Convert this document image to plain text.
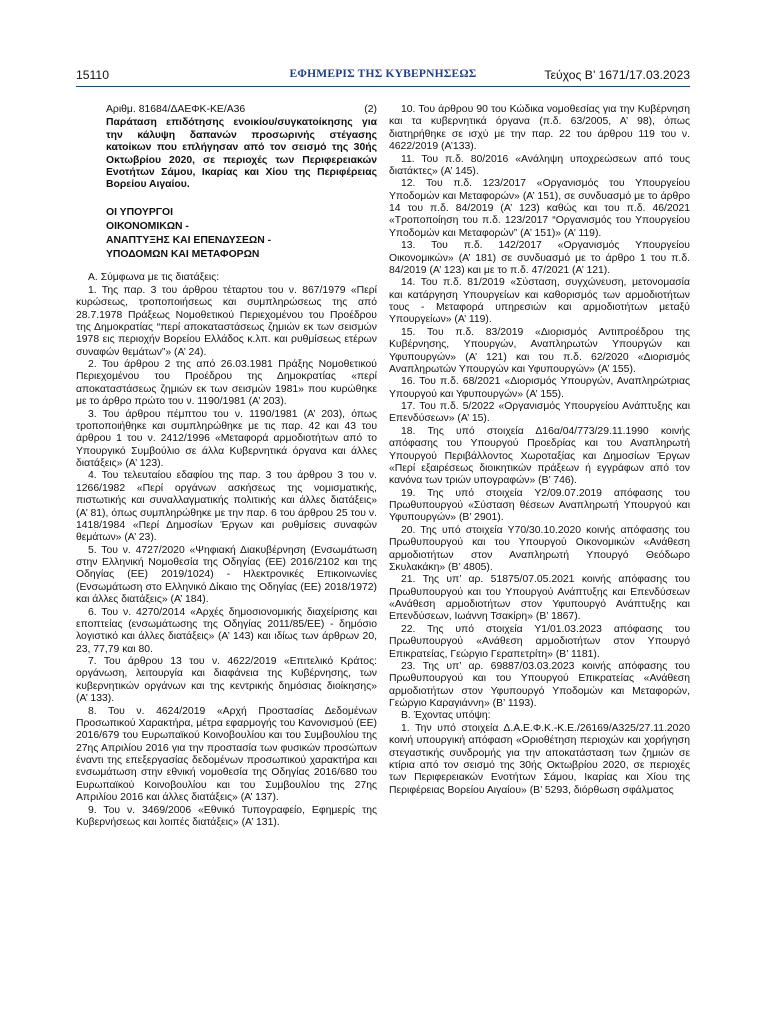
15110	ΕΦΗΜΕΡΙΣ ΤΗΣ ΚΥΒΕΡΝΗΣΕΩΣ	Τεύχος Β’ 1671/17.03.2023
Αριθμ. 81684/ΔΑΕΦΚ-ΚΕ/Α36	(2)
Παράταση επιδότησης ενοικίου/συγκατοίκησης για την κάλυψη δαπανών προσωρινής στέγασης κατοίκων που επλήγησαν από τον σεισμό της 30ής Οκτωβρίου 2020, σε περιοχές των Περιφερειακών Ενοτήτων Σάμου, Ικαρίας και Χίου της Περιφέρειας Βορείου Αιγαίου.
ΟΙ ΥΠΟΥΡΓΟΙ
ΟΙΚΟΝΟΜΙΚΩΝ -
ΑΝΑΠΤΥΞΗΣ ΚΑΙ ΕΠΕΝΔΥΣΕΩΝ -
ΥΠΟΔΟΜΩΝ ΚΑΙ ΜΕΤΑΦΟΡΩΝ

Α. Σύμφωνα με τις διατάξεις:

1. Της παρ. 3 του άρθρου τέταρτου του ν. 867/1979 «Περί κυρώσεως, τροποποιήσεως και συμπληρώσεως της από 28.7.1978 Πράξεως Νομοθετικού Περιεχομένου του Προέδρου της Δημοκρατίας “περί αποκαταστάσεως ζημιών εκ των σεισμών 1978 εις περιοχήν Βορείου Ελλάδος κ.λπ. και ρυθμίσεως ετέρων συναφών θεμάτων”» (Α’ 24).

2. Του άρθρου 2 της από 26.03.1981 Πράξης Νομοθετικού Περιεχομένου του Προέδρου της Δημοκρατίας «περί αποκαταστάσεως ζημιών εκ των σεισμών 1981» που κυρώθηκε με το άρθρο πρώτο του ν. 1190/1981 (Α’ 203).

3. Του άρθρου πέμπτου του ν. 1190/1981 (Α’ 203), όπως τροποποιήθηκε και συμπληρώθηκε με τις παρ. 42 και 43 του άρθρου 1 του ν. 2412/1996 «Μεταφορά αρμοδιοτήτων από το Υπουργικό Συμβούλιο σε άλλα Κυβερνητικά όργανα και άλλες διατάξεις» (Α’ 123).

4. Του τελευταίου εδαφίου της παρ. 3 του άρθρου 3 του ν. 1266/1982 «Περί οργάνων ασκήσεως της νομισματικής, πιστωτικής και συναλλαγματικής πολιτικής και άλλες διατάξεις» (Α’ 81), όπως συμπληρώθηκε με την παρ. 6 του άρθρου 25 του ν. 1418/1984 «Περί Δημοσίων Έργων και ρυθμίσεις συναφών θεμάτων» (Α’ 23).

5. Του ν. 4727/2020 «Ψηφιακή Διακυβέρνηση (Ενσωμάτωση στην Ελληνική Νομοθεσία της Οδηγίας (ΕΕ) 2016/2102 και της Οδηγίας (ΕΕ) 2019/1024) - Ηλεκτρονικές Επικοινωνίες (Ενσωμάτωση στο Ελληνικό Δίκαιο της Οδηγίας (ΕΕ) 2018/1972) και άλλες διατάξεις» (Α’ 184).

6. Του ν. 4270/2014 «Αρχές δημοσιονομικής διαχείρισης και εποπτείας (ενσωμάτωσης της Οδηγίας 2011/85/ΕΕ) - δημόσιο λογιστικό και άλλες διατάξεις» (Α’ 143) και ιδίως των άρθρων 20, 23, 77,79 και 80.

7. Του άρθρου 13 του ν. 4622/2019 «Επιτελικό Κράτος: οργάνωση, λειτουργία και διαφάνεια της Κυβέρνησης, των κυβερνητικών οργάνων και της κεντρικής δημόσιας διοίκησης» (Α’ 133).

8. Του ν. 4624/2019 «Αρχή Προστασίας Δεδομένων Προσωπικού Χαρακτήρα, μέτρα εφαρμογής του Κανονισμού (ΕΕ) 2016/679 του Ευρωπαϊκού Κοινοβουλίου και του Συμβουλίου της 27ης Απριλίου 2016 για την προστασία των φυσικών προσώπων έναντι της επεξεργασίας δεδομένων προσωπικού χαρακτήρα και ενσωμάτωση στην εθνική νομοθεσία της Οδηγίας 2016/680 του Ευρωπαϊκού Κοινοβουλίου και του Συμβουλίου της 27ης Απριλίου 2016 και άλλες διατάξεις» (Α’ 137).

9. Του ν. 3469/2006 «Εθνικό Τυπογραφείο, Εφημερίς της Κυβερνήσεως και λοιπές διατάξεις» (Α’ 131).

10. Του άρθρου 90 του Κώδικα νομοθεσίας για την Κυβέρνηση και τα κυβερνητικά όργανα (π.δ. 63/2005, Α’ 98), όπως διατηρήθηκε σε ισχύ με την παρ. 22 του άρθρου 119 του ν. 4622/2019 (Α’133).

11. Του π.δ. 80/2016 «Ανάληψη υποχρεώσεων από τους διατάκτες» (Α’ 145).

12. Του π.δ. 123/2017 «Οργανισμός του Υπουργείου Υποδομών και Μεταφορών» (Α’ 151), σε συνδυασμό με το άρθρο 14 του π.δ. 84/2019 (Α’ 123) καθώς και του π.δ. 46/2021 «Τροποποίηση του π.δ. 123/2017 “Οργανισμός του Υπουργείου Υποδομών και Μεταφορών” (Α’ 151)» (Α’ 119).

13. Του π.δ. 142/2017 «Οργανισμός Υπουργείου Οικονομικών» (Α’ 181) σε συνδυασμό με το άρθρο 1 του π.δ. 84/2019 (Α’ 123) και με το π.δ. 47/2021 (Α’ 121).

14. Του π.δ. 81/2019 «Σύσταση, συγχώνευση, μετονομασία και κατάργηση Υπουργείων και καθορισμός των αρμοδιοτήτων τους - Μεταφορά υπηρεσιών και αρμοδιοτήτων μεταξύ Υπουργείων» (Α’ 119).

15. Του π.δ. 83/2019 «Διορισμός Αντιπροέδρου της Κυβέρνησης, Υπουργών, Αναπληρωτών Υπουργών και Υφυπουργών» (Α’ 121) και του π.δ. 62/2020 «Διορισμός Αναπληρωτών Υπουργών και Υφυπουργών» (Α’ 155).

16. Του π.δ. 68/2021 «Διορισμός Υπουργών, Αναπληρώτριας Υπουργού και Υφυπουργών» (Α’ 155).

17. Του π.δ. 5/2022 «Οργανισμός Υπουργείου Ανάπτυξης και Επενδύσεων» (Α’ 15).

18. Της υπό στοιχεία Δ16α/04/773/29.11.1990 κοινής απόφασης του Υπουργού Προεδρίας και του Αναπληρωτή Υπουργού Περιβάλλοντος Χωροταξίας και Δημοσίων Έργων «Περί εξαιρέσεως διοικητικών πράξεων ή εγγράφων από τον κανόνα των τριών υπογραφών» (Β’ 746).

19. Της υπό στοιχεία Υ2/09.07.2019 απόφασης του Πρωθυπουργού «Σύσταση θέσεων Αναπληρωτή Υπουργού και Υφυπουργών» (Β’ 2901).

20. Της υπό στοιχεία Υ70/30.10.2020 κοινής απόφασης του Πρωθυπουργού και του Υπουργού Οικονομικών «Ανάθεση αρμοδιοτήτων στον Αναπληρωτή Υπουργό Θεόδωρο Σκυλακάκη» (Β’ 4805).

21. Της υπ’ αρ. 51875/07.05.2021 κοινής απόφασης του Πρωθυπουργού και του Υπουργού Ανάπτυξης και Επενδύσεων «Ανάθεση αρμοδιοτήτων στον Υφυπουργό Ανάπτυξης και Επενδύσεων, Ιωάννη Τσακίρη» (Β’ 1867).

22. Της υπό στοιχεία Υ1/01.03.2023 απόφασης του Πρωθυπουργού «Ανάθεση αρμοδιοτήτων στον Υπουργό Επικρατείας, Γεώργιο Γεραπετρίτη» (Β’ 1181).

23. Της υπ’ αρ. 69887/03.03.2023 κοινής απόφασης του Πρωθυπουργού και του Υπουργού Επικρατείας «Ανάθεση αρμοδιοτήτων στον Υφυπουργό Υποδομών και Μεταφορών, Γεώργιο Καραγιάννη» (Β’ 1193).

Β. Έχοντας υπόψη:

1. Την υπό στοιχεία Δ.Α.Ε.Φ.Κ.-Κ.Ε./26169/Α325/27.11.2020 κοινή υπουργική απόφαση «Οριοθέτηση περιοχών και χορήγηση στεγαστικής συνδρομής για την αποκατάσταση των ζημιών σε κτίρια από τον σεισμό της 30ής Οκτωβρίου 2020, σε περιοχές των Περιφερειακών Ενοτήτων Σάμου, Ικαρίας και Χίου της Περιφέρειας Βορείου Αιγαίου» (Β’ 5293, διόρθωση σφάλματος
